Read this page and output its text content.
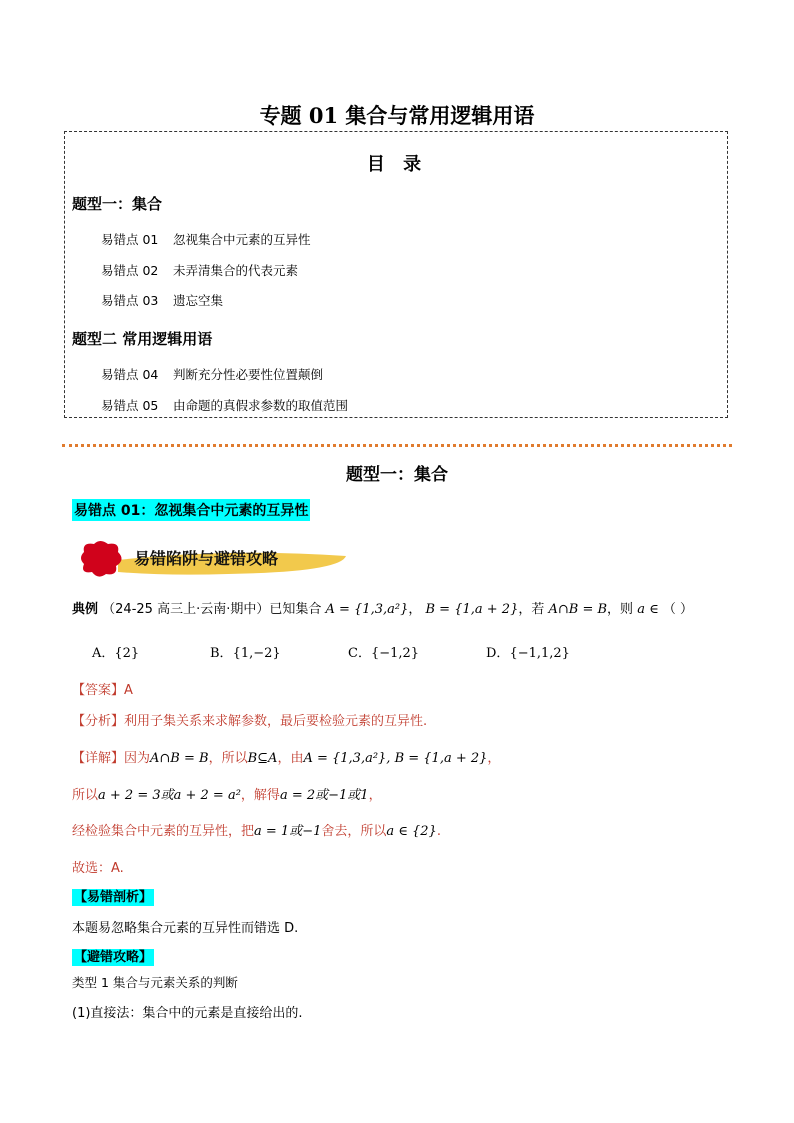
专题 01 集合与常用逻辑用语
目 录
题型一：集合
易错点 01 忽视集合中元素的互异性
易错点 02 未弄清集合的代表元素
易错点 03 遗忘空集
题型二 常用逻辑用语
易错点 04 判断充分性必要性位置颠倒
易错点 05 由命题的真假求参数的取值范围
题型一：集合
易错点 01：忽视集合中元素的互异性
易错陷阱与避错攻略
典例 （24-25 高三上·云南·期中）已知集合 A = {1,3,a²}， B = {1,a + 2}，若 A∩B = B，则 a ∈ （ ）
A．{2}	B．{1,−2}	C．{−1,2}	D．{−1,1,2}
【答案】A
【分析】利用子集关系来求解参数，最后要检验元素的互异性.
【详解】因为A∩B = B，所以B⊆A，由A = {1,3,a²}, B = {1,a + 2}，
所以a + 2 = 3或a + 2 = a²，解得a = 2或−1或1，
经检验集合中元素的互异性，把a = 1或−1舍去，所以a ∈ {2}.
故选：A.
【易错剖析】
本题易忽略集合元素的互异性而错选 D.
【避错攻略】
类型 1 集合与元素关系的判断
(1)直接法：集合中的元素是直接给出的.
